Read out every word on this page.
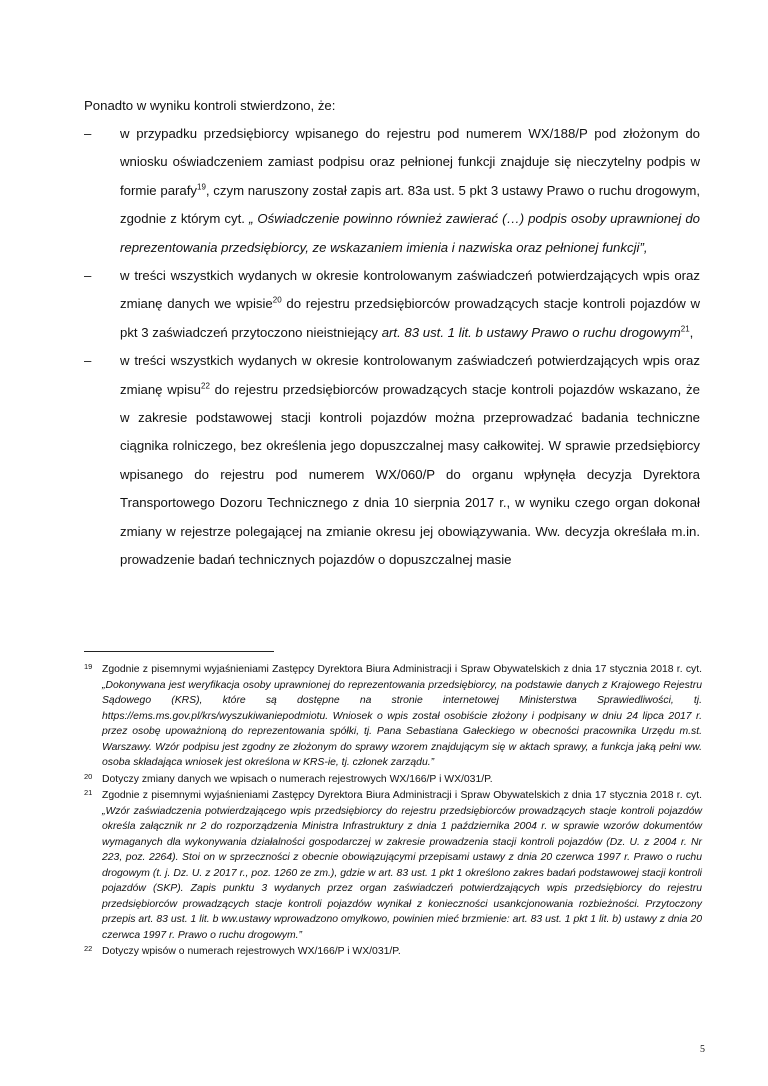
Ponadto w wyniku kontroli stwierdzono, że:

–	w przypadku przedsiębiorcy wpisanego do rejestru pod numerem WX/188/P pod złożonym do wniosku oświadczeniem zamiast podpisu oraz pełnionej funkcji znajduje się nieczytelny podpis w formie parafy$^{19}$, czym naruszony został zapis art. 83a ust. 5 pkt 3 ustawy Prawo o ruchu drogowym, zgodnie z którym cyt. „ Oświadczenie powinno również zawierać (…) podpis osoby uprawnionej do reprezentowania przedsiębiorcy, ze wskazaniem imienia i nazwiska oraz pełnionej funkcji”,
–	w treści wszystkich wydanych w okresie kontrolowanym zaświadczeń potwierdzających wpis oraz zmianę danych we wpisie$^{20}$ do rejestru przedsiębiorców prowadzących stacje kontroli pojazdów w pkt 3 zaświadczeń przytoczono nieistniejący art. 83 ust. 1 lit. b ustawy Prawo o ruchu drogowym$^{21}$,
–	w treści wszystkich wydanych w okresie kontrolowanym zaświadczeń potwierdzających wpis oraz zmianę wpisu$^{22}$ do rejestru przedsiębiorców prowadzących stacje kontroli pojazdów wskazano, że w zakresie podstawowej stacji kontroli pojazdów można przeprowadzać badania techniczne ciągnika rolniczego, bez określenia jego dopuszczalnej masy całkowitej. W sprawie przedsiębiorcy wpisanego do rejestru pod numerem WX/060/P do organu wpłynęła decyzja Dyrektora Transportowego Dozoru Technicznego z dnia 10 sierpnia 2017 r., w wyniku czego organ dokonał zmiany w rejestrze polegającej na zmianie okresu jej obowiązywania. Ww. decyzja określała m.in. prowadzenie badań technicznych pojazdów o dopuszczalnej masie
19 Zgodnie z pisemnymi wyjaśnieniami Zastępcy Dyrektora Biura Administracji i Spraw Obywatelskich z dnia 17 stycznia 2018 r. cyt. „Dokonywana jest weryfikacja osoby uprawnionej do reprezentowania przedsiębiorcy, na podstawie danych z Krajowego Rejestru Sądowego (KRS), które są dostępne na stronie internetowej Ministerstwa Sprawiedliwości, tj. https://ems.ms.gov.pl/krs/wyszukiwaniepodmiotu. Wniosek o wpis został osobiście złożony i podpisany w dniu 24 lipca 2017 r. przez osobę upoważnioną do reprezentowania spółki, tj. Pana Sebastiana Gałeckiego w obecności pracownika Urzędu m.st. Warszawy. Wzór podpisu jest zgodny ze złożonym do sprawy wzorem znajdującym się w aktach sprawy, a funkcja jaką pełni ww. osoba składająca wniosek jest określona w KRS-ie, tj. członek zarządu.”
20 Dotyczy zmiany danych we wpisach o numerach rejestrowych WX/166/P i WX/031/P.
21 Zgodnie z pisemnymi wyjaśnieniami Zastępcy Dyrektora Biura Administracji i Spraw Obywatelskich z dnia 17 stycznia 2018 r. cyt. „Wzór zaświadczenia potwierdzającego wpis przedsiębiorcy do rejestru przedsiębiorców prowadzących stacje kontroli pojazdów określa załącznik nr 2 do rozporządzenia Ministra Infrastruktury z dnia 1 października 2004 r. w sprawie wzorów dokumentów wymaganych dla wykonywania działalności gospodarczej w zakresie prowadzenia stacji kontroli pojazdów (Dz. U. z 2004 r. Nr 223, poz. 2264). Stoi on w sprzeczności z obecnie obowiązującymi przepisami ustawy z dnia 20 czerwca 1997 r. Prawo o ruchu drogowym (t. j. Dz. U. z 2017 r., poz. 1260 ze zm.), gdzie w art. 83 ust. 1 pkt 1 określono zakres badań podstawowej stacji kontroli pojazdów (SKP). Zapis punktu 3 wydanych przez organ zaświadczeń potwierdzających wpis przedsiębiorcy do rejestru przedsiębiorców prowadzących stacje kontroli pojazdów wynikał z konieczności usankcjonowania rozbieżności. Przytoczony przepis art. 83 ust. 1 lit. b ww.ustawy wprowadzono omyłkowo, powinien mieć brzmienie: art. 83 ust. 1 pkt 1 lit. b) ustawy z dnia 20 czerwca 1997 r. Prawo o ruchu drogowym.”
22 Dotyczy wpisów o numerach rejestrowych WX/166/P i WX/031/P.
5
